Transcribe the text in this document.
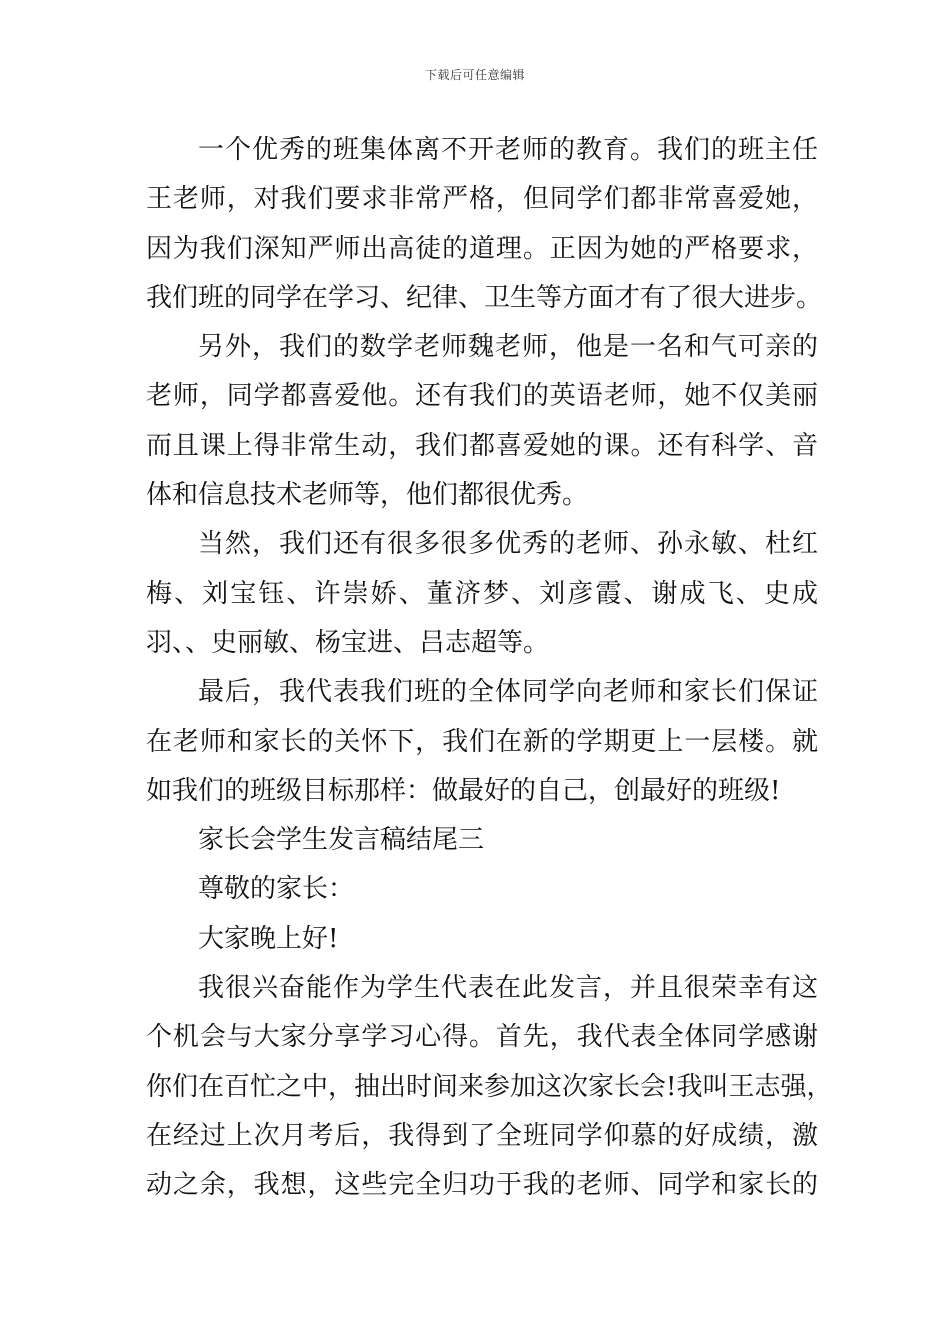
下载后可任意编辑
一个优秀的班集体离不开老师的教育。我们的班主任
王老师，对我们要求非常严格，但同学们都非常喜爱她，
因为我们深知严师出高徒的道理。正因为她的严格要求，
我们班的同学在学习、纪律、卫生等方面才有了很大进步。
另外，我们的数学老师魏老师，他是一名和气可亲的
老师，同学都喜爱他。还有我们的英语老师，她不仅美丽
而且课上得非常生动，我们都喜爱她的课。还有科学、音
体和信息技术老师等，他们都很优秀。
当然，我们还有很多很多优秀的老师、孙永敏、杜红
梅、刘宝钰、许崇娇、董济梦、刘彦霞、谢成飞、史成
羽、、史丽敏、杨宝进、吕志超等。
最后，我代表我们班的全体同学向老师和家长们保证
在老师和家长的关怀下，我们在新的学期更上一层楼。就
如我们的班级目标那样：做最好的自己，创最好的班级!
家长会学生发言稿结尾三
尊敬的家长：
大家晚上好!
我很兴奋能作为学生代表在此发言，并且很荣幸有这
个机会与大家分享学习心得。首先，我代表全体同学感谢
你们在百忙之中，抽出时间来参加这次家长会!我叫王志强，
在经过上次月考后，我得到了全班同学仰慕的好成绩，激
动之余，我想，这些完全归功于我的老师、同学和家长的
